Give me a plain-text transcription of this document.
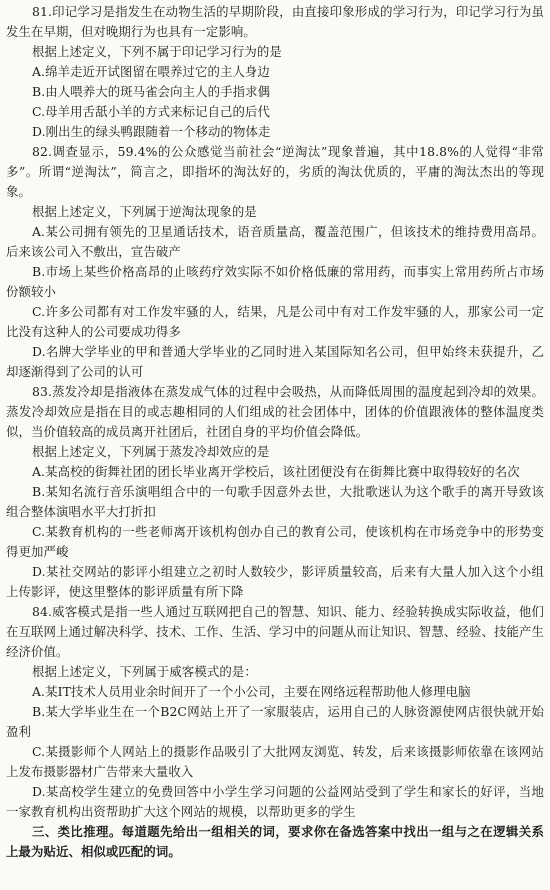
81.印记学习是指发生在动物生活的早期阶段，由直接印象形成的学习行为，印记学习行为虽发生在早期，但对晚期行为也具有一定影响。

根据上述定义，下列不属于印记学习行为的是

A.绵羊走近开试图留在喂养过它的主人身边

B.由人喂养大的斑马雀会向主人的手指求偶

C.母羊用舌舐小羊的方式来标记自己的后代

D.刚出生的绿头鸭跟随着一个移动的物体走

82.调查显示，59.4%的公众感觉当前社会“逆淘汰”现象普遍，其中18.8%的人觉得“非常多”。所谓“逆淘汰”，简言之，即指坏的淘汰好的，劣质的淘汰优质的，平庸的淘汰杰出的等现象。

根据上述定义，下列属于逆淘汰现象的是

A.某公司拥有领先的卫星通话技术，语音质量高，覆盖范围广，但该技术的维持费用高昂。后来该公司入不敷出，宣告破产

B.市场上某些价格高昂的止咳药疗效实际不如价格低廉的常用药，而事实上常用药所占市场份额较小

C.许多公司都有对工作发牢骚的人，结果，凡是公司中有对工作发牢骚的人，那家公司一定比没有这种人的公司要成功得多

D.名牌大学毕业的甲和普通大学毕业的乙同时进入某国际知名公司，但甲始终未获提升，乙却逐渐得到了公司的认可

83.蒸发冷却是指液体在蒸发成气体的过程中会吸热，从而降低周围的温度起到冷却的效果。蒸发冷却效应是指在目的或志趣相同的人们组成的社会团体中，团体的价值跟液体的整体温度类似，当价值较高的成员离开社团后，社团自身的平均价值会降低。

根据上述定义，下列属于蒸发冷却效应的是

A.某高校的街舞社团的团长毕业离开学校后，该社团便没有在街舞比赛中取得较好的名次

B.某知名流行音乐演唱组合中的一句歌手因意外去世，大批歌迷认为这个歌手的离开导致该组合整体演唱水平大打折扣

C.某教育机构的一些老师离开该机构创办自己的教育公司，使该机构在市场竞争中的形势变得更加严峻

D.某社交网站的影评小组建立之初时人数较少，影评质量较高，后来有大量人加入这个小组上传影评，使这里整体的影评质量有所下降

84.威客模式是指一些人通过互联网把自己的智慧、知识、能力、经验转换成实际收益，他们在互联网上通过解决科学、技术、工作、生活、学习中的问题从而让知识、智慧、经验、技能产生经济价值。

根据上述定义，下列属于威客模式的是：

A.某IT技术人员用业余时间开了一个小公司，主要在网络远程帮助他人修理电脑

B.某大学毕业生在一个B2C网站上开了一家服装店，运用自己的人脉资源使网店很快就开始盈利

C.某摄影师个人网站上的摄影作品吸引了大批网友浏览、转发，后来该摄影师依靠在该网站上发布摄影器材广告带来大量收入

D.某高校学生建立的免费回答中小学生学习问题的公益网站受到了学生和家长的好评，当地一家教育机构出资帮助扩大这个网站的规模，以帮助更多的学生

三、类比推理。每道题先给出一组相关的词，要求你在备选答案中找出一组与之在逻辑关系上最为贴近、相似或匹配的词。
